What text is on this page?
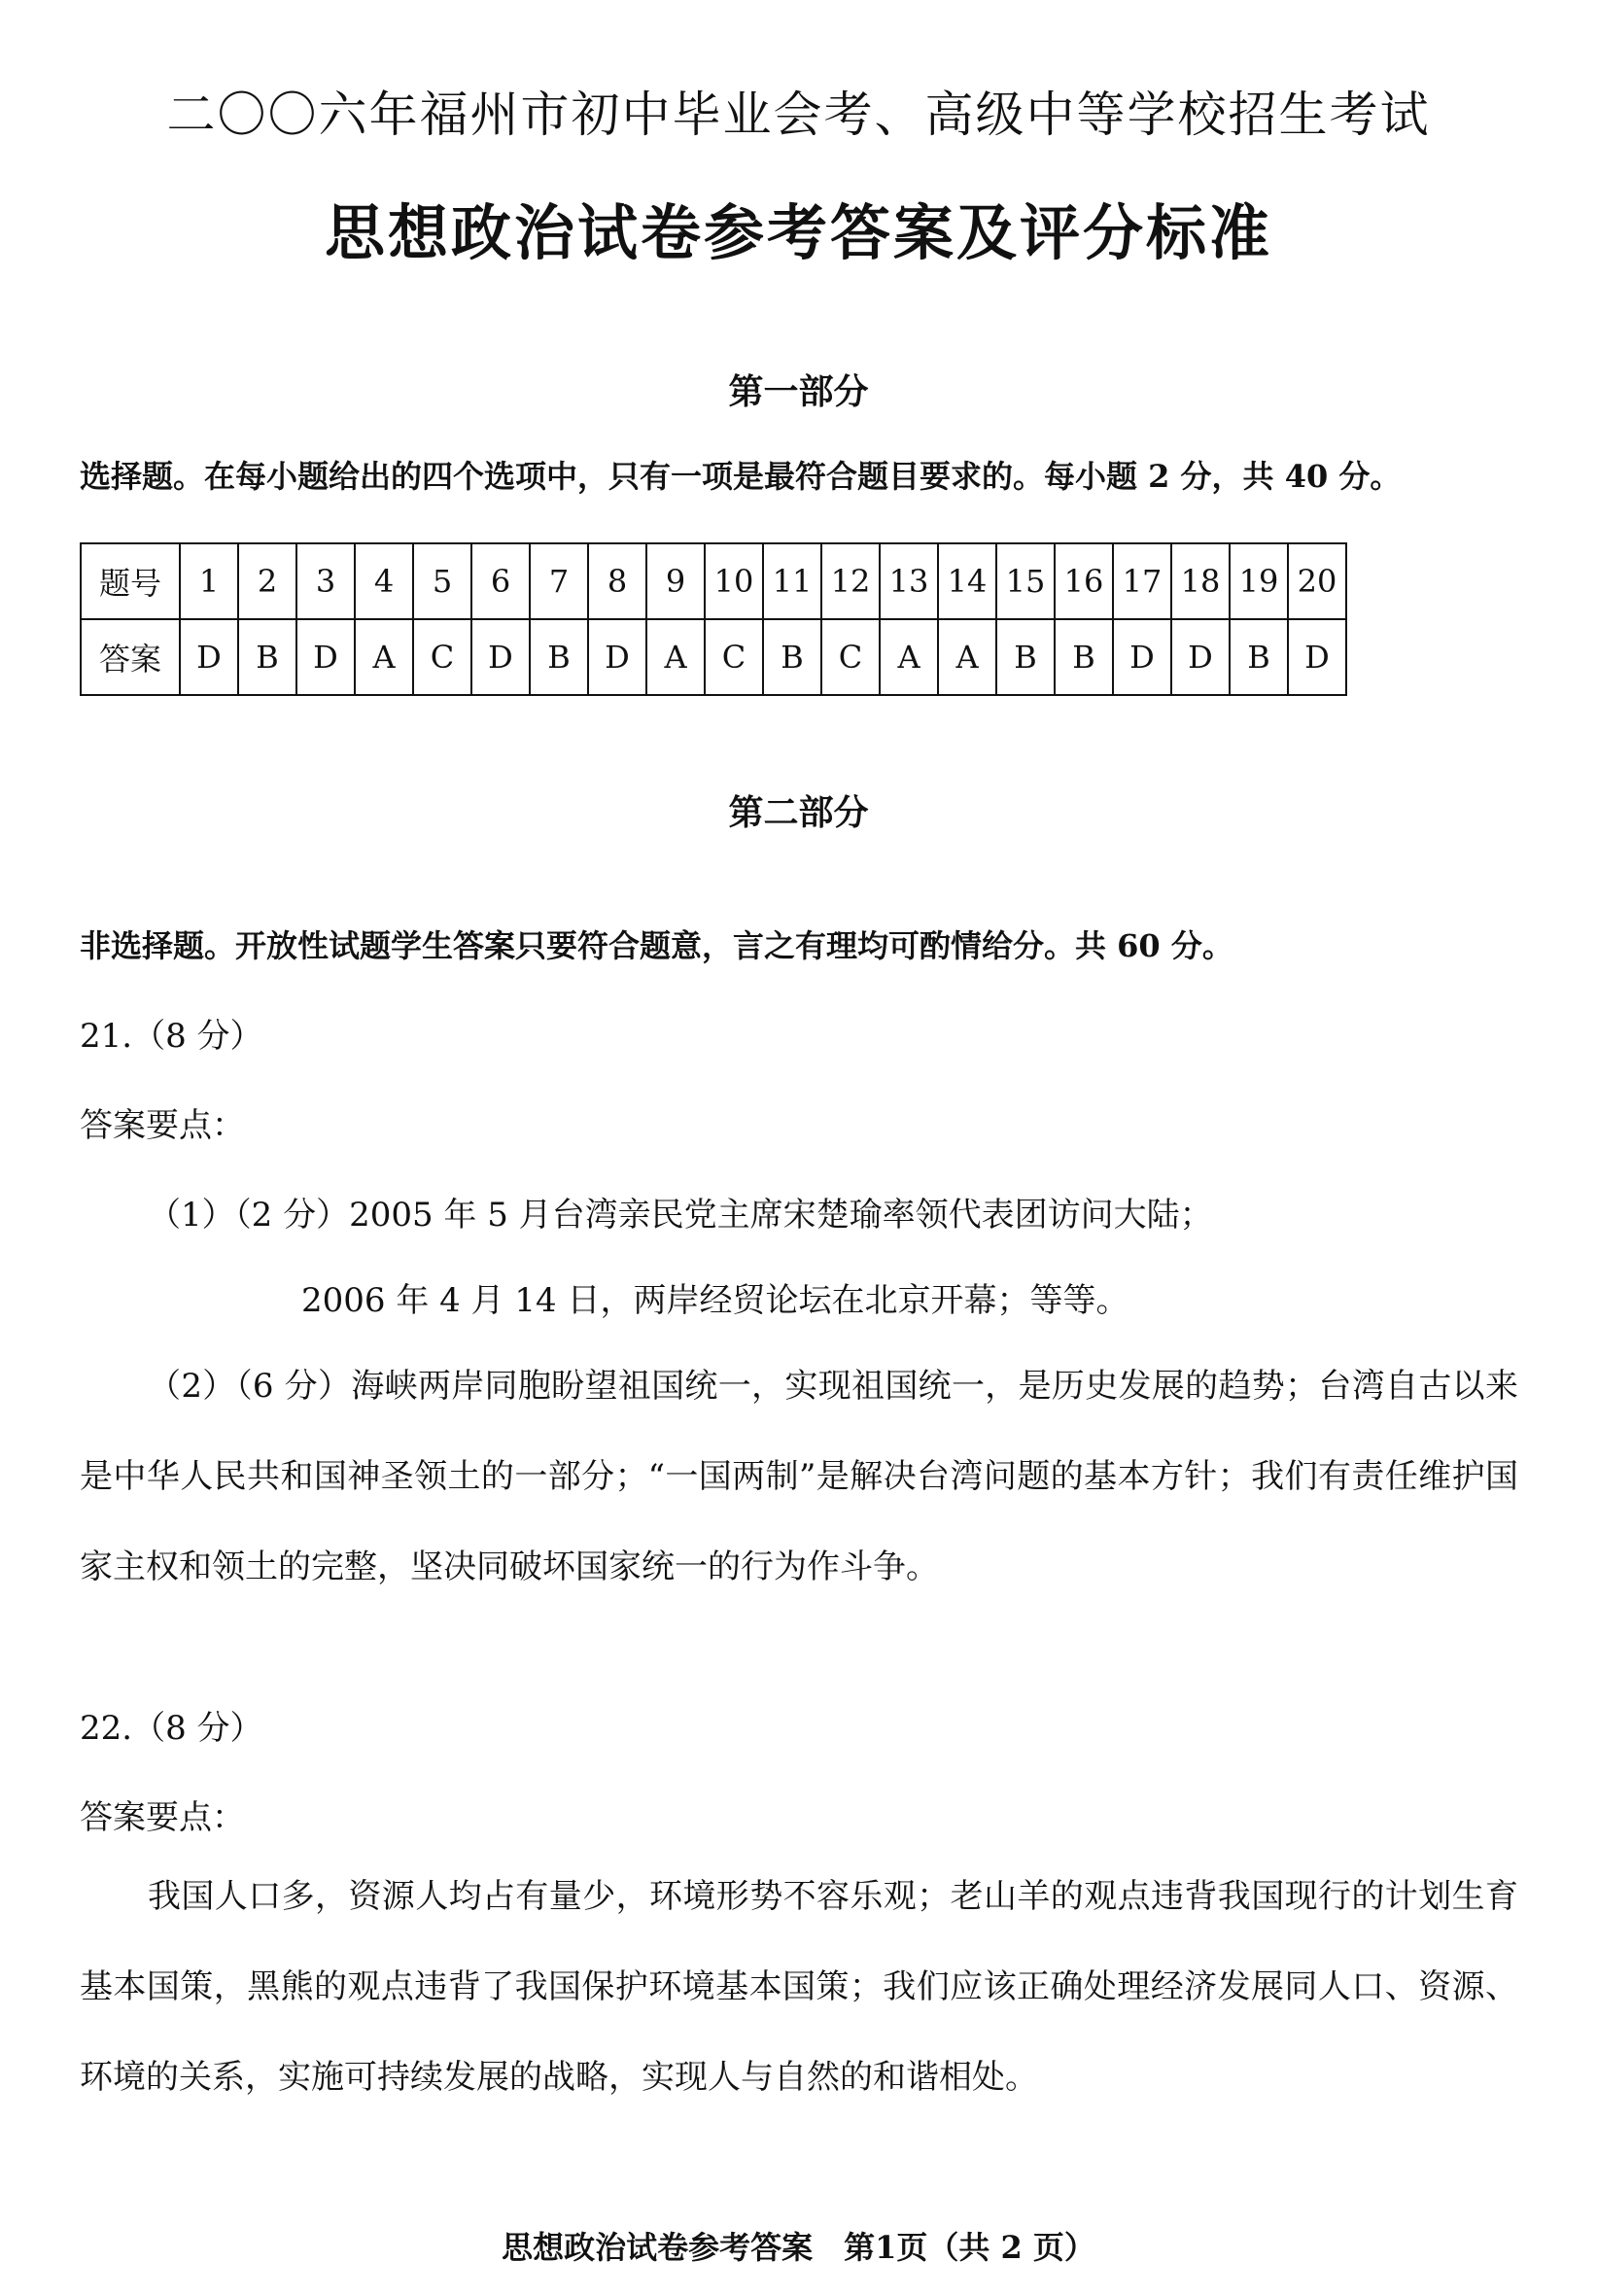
二〇〇六年福州市初中毕业会考、高级中等学校招生考试
思想政治试卷参考答案及评分标准
第一部分
选择题。在每小题给出的四个选项中，只有一项是最符合题目要求的。每小题 2 分，共 40 分。
题号	1	2	3	4	5	6	7	8	9	10	11	12	13	14	15	16	17	18	19	20
答案	D	B	D	A	C	D	B	D	A	C	B	C	A	A	B	B	D	D	B	D
第二部分
非选择题。开放性试题学生答案只要符合题意，言之有理均可酌情给分。共 60 分。
21.（8 分）
答案要点：
（1）（2 分）2005 年 5 月台湾亲民党主席宋楚瑜率领代表团访问大陆；
2006 年 4 月 14 日，两岸经贸论坛在北京开幕；等等。
（2）（6 分）海峡两岸同胞盼望祖国统一，实现祖国统一，是历史发展的趋势；台湾自古以来是中华人民共和国神圣领土的一部分；“一国两制”是解决台湾问题的基本方针；我们有责任维护国家主权和领土的完整，坚决同破坏国家统一的行为作斗争。
22.（8 分）
答案要点：
我国人口多，资源人均占有量少，环境形势不容乐观；老山羊的观点违背我国现行的计划生育基本国策，黑熊的观点违背了我国保护环境基本国策；我们应该正确处理经济发展同人口、资源、环境的关系，实施可持续发展的战略，实现人与自然的和谐相处。
思想政治试卷参考答案　第1页（共 2 页）
